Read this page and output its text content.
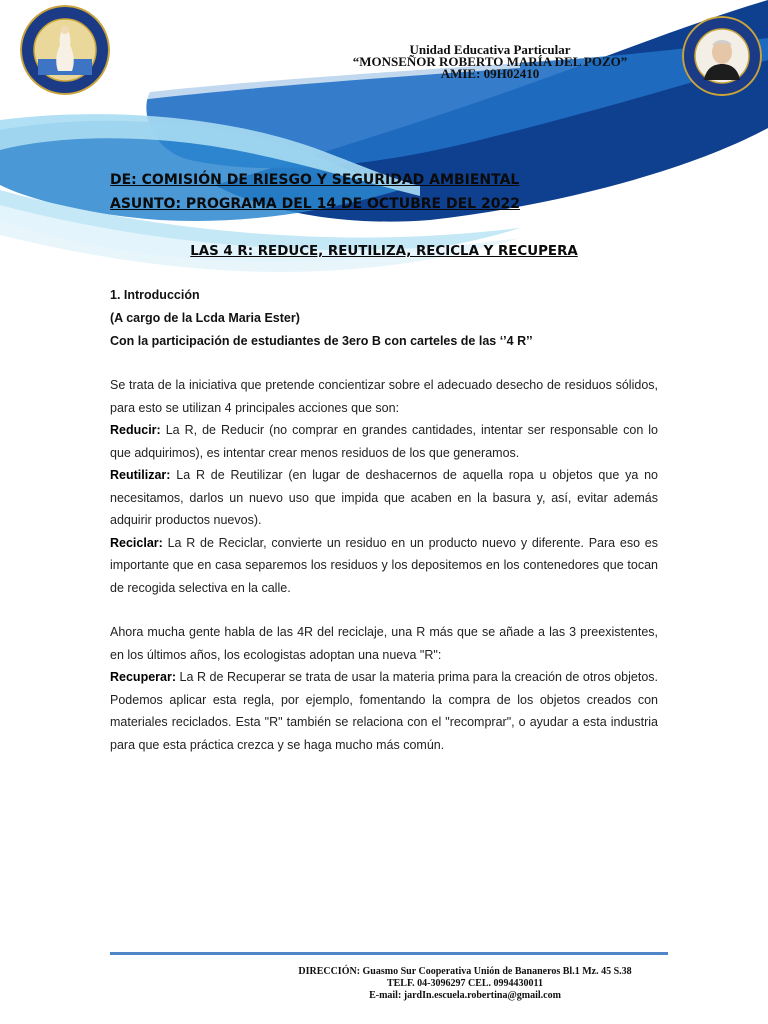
Unidad Educativa Particular
“MONSEÑOR ROBERTO MARÍA DEL POZO”
AMIE: 09H02410
DE: COMISIÓN DE RIESGO Y SEGURIDAD AMBIENTAL
ASUNTO: PROGRAMA DEL 14 DE OCTUBRE DEL 2022
LAS 4 R: REDUCE, REUTILIZA, RECICLA Y RECUPERA
1. Introducción
(A cargo de la Lcda Maria Ester)
Con la participación de estudiantes de 3ero B con carteles de las ‘’4 R’’

Se trata de la iniciativa que pretende concientizar sobre el adecuado desecho de residuos sólidos, para esto se utilizan 4 principales acciones que son:

Reducir: La R, de Reducir (no comprar en grandes cantidades, intentar ser responsable con lo que adquirimos), es intentar crear menos residuos de los que generamos.

Reutilizar: La R de Reutilizar (en lugar de deshacernos de aquella ropa u objetos que ya no necesitamos, darlos un nuevo uso que impida que acaben en la basura y, así, evitar además adquirir productos nuevos).

Reciclar: La R de Reciclar, convierte un residuo en un producto nuevo y diferente. Para eso es importante que en casa separemos los residuos y los depositemos en los contenedores que tocan de recogida selectiva en la calle.

Ahora mucha gente habla de las 4R del reciclaje, una R más que se añade a las 3 preexistentes, en los últimos años, los ecologistas adoptan una nueva "R":

Recuperar: La R de Recuperar se trata de usar la materia prima para la creación de otros objetos. Podemos aplicar esta regla, por ejemplo, fomentando la compra de los objetos creados con materiales reciclados. Esta "R" también se relaciona con el "recomprar", o ayudar a esta industria para que esta práctica crezca y se haga mucho más común.

DIRECCIÓN: Guasmo Sur Cooperativa Unión de Bananeros Bl.1 Mz. 45 S.38
TELF. 04-3096297 CEL. 0994430011
E-mail: jardIn.escuela.robertina@gmail.com
